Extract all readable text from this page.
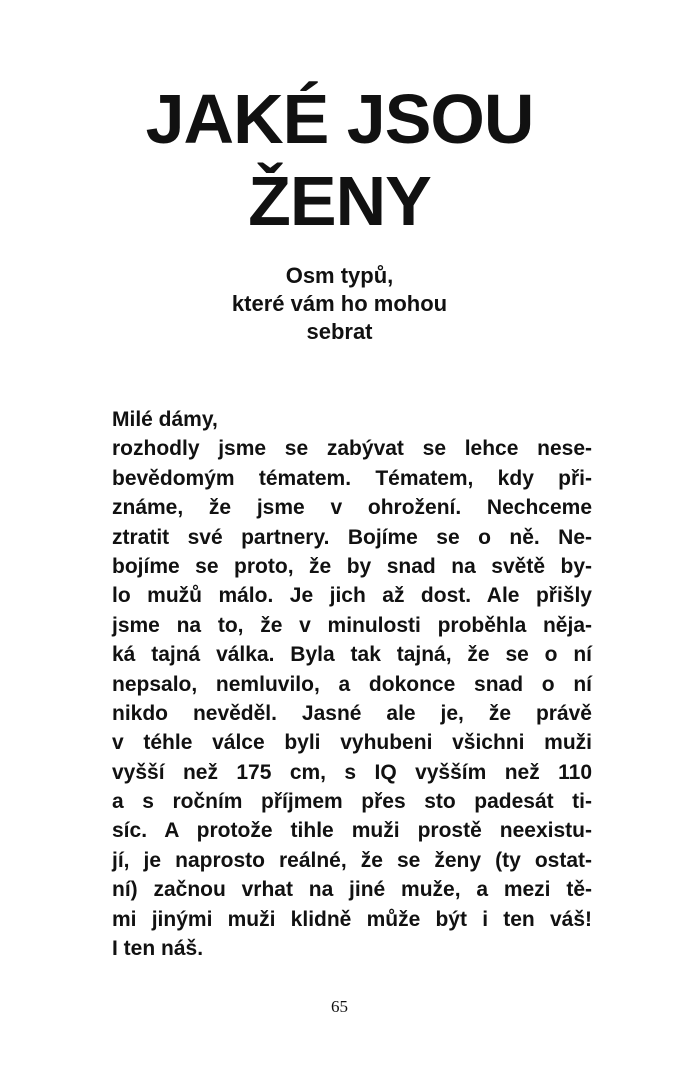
JAKÉ JSOU
ŽENY
Osm typů,
které vám ho mohou
sebrat
Milé dámy,
rozhodly jsme se zabývat se lehce nese-
bevědomým tématem. Tématem, kdy při-
známe, že jsme v ohrožení. Nechceme
ztratit své partnery. Bojíme se o ně. Ne-
bojíme se proto, že by snad na světě by-
lo mužů málo. Je jich až dost. Ale přišly
jsme na to, že v minulosti proběhla něja-
ká tajná válka. Byla tak tajná, že se o ní
nepsalo, nemluvilo, a dokonce snad o ní
nikdo nevěděl. Jasné ale je, že právě
v téhle válce byli vyhubeni všichni muži
vyšší než 175 cm, s IQ vyšším než 110
a s ročním příjmem přes sto padesát ti-
síc. A protože tihle muži prostě neexistu-
jí, je naprosto reálné, že se ženy (ty ostat-
ní) začnou vrhat na jiné muže, a mezi tě-
mi jinými muži klidně může být i ten váš!
I ten náš.
65
